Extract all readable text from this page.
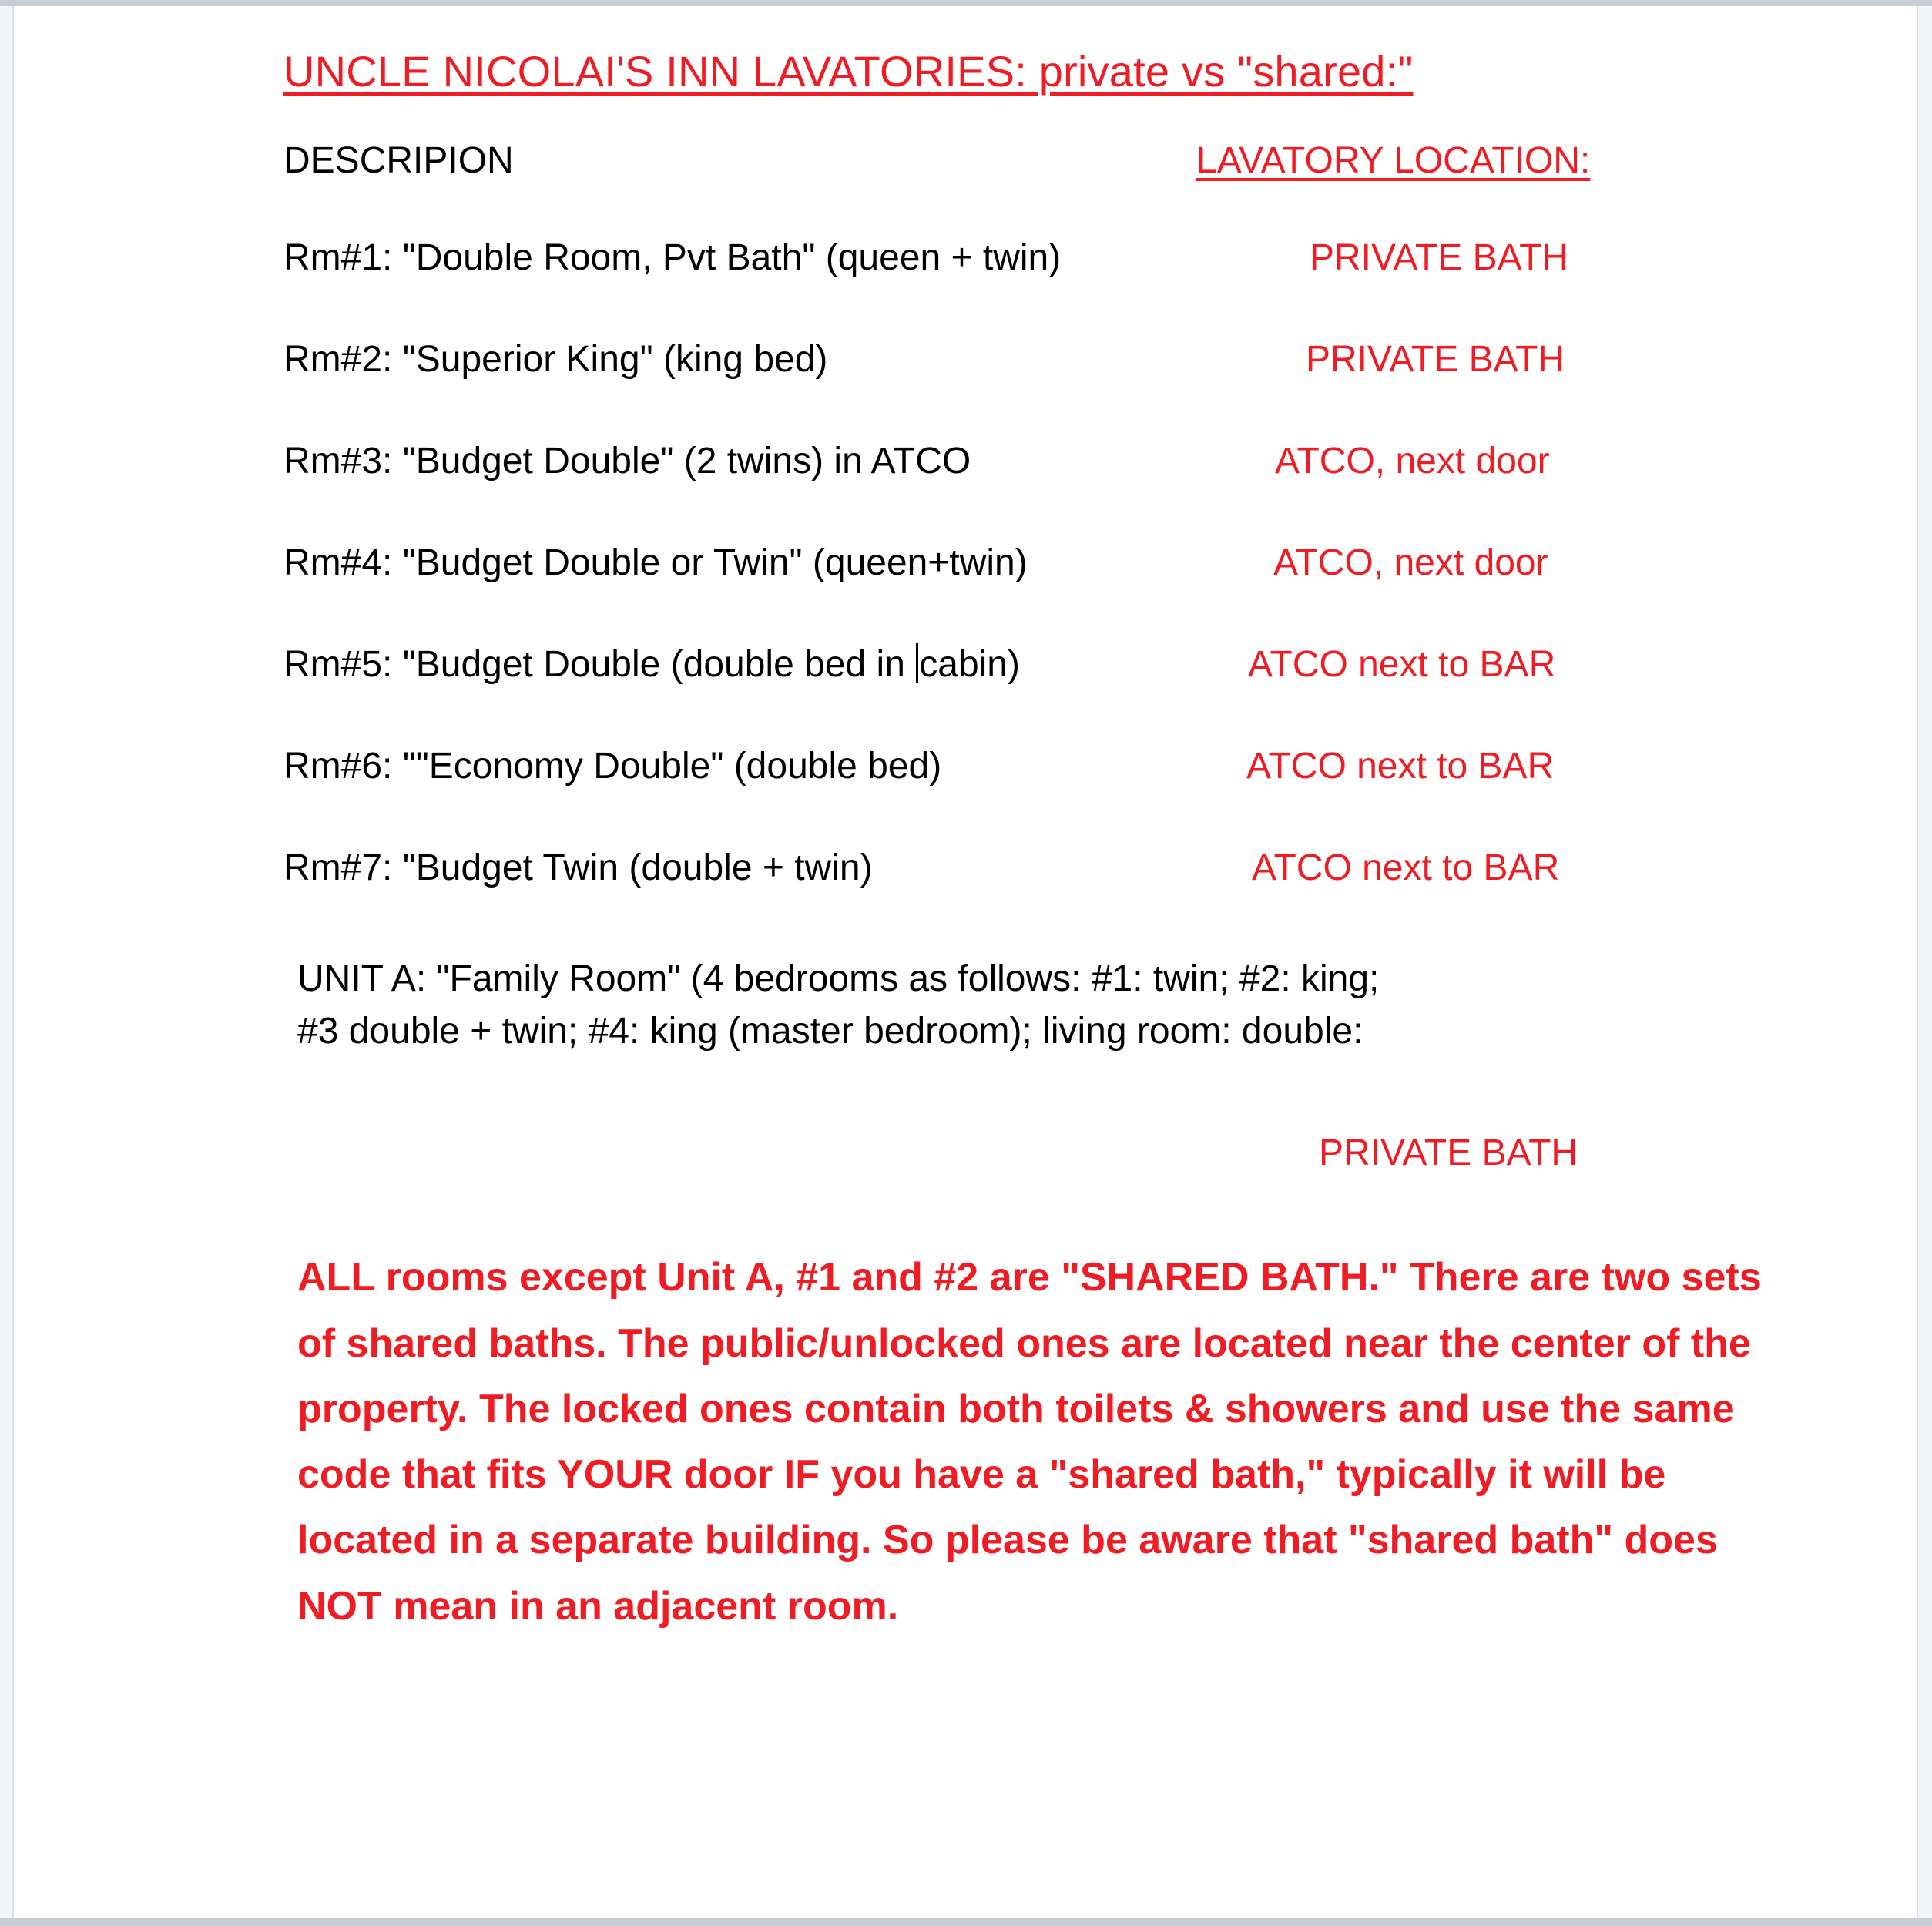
UNCLE NICOLAI'S INN LAVATORIES: private vs "shared:"
DESCRIPION	LAVATORY LOCATION:
Rm#1: "Double Room, Pvt Bath" (queen + twin)	PRIVATE BATH
Rm#2: "Superior King" (king bed)	PRIVATE BATH
Rm#3: "Budget Double" (2 twins) in ATCO	ATCO, next door
Rm#4: "Budget Double or Twin" (queen+twin)	ATCO, next door
Rm#5: "Budget Double (double bed in cabin)	ATCO next to BAR
Rm#6: ""Economy Double" (double bed)	ATCO next to BAR
Rm#7: "Budget Twin (double + twin)	ATCO next to BAR
UNIT A: "Family Room" (4 bedrooms as follows: #1: twin; #2: king;
#3 double + twin; #4: king (master bedroom); living room: double:
PRIVATE BATH
ALL rooms except Unit A, #1 and #2 are "SHARED BATH." There are two sets of shared baths. The public/unlocked ones are located near the center of the property. The locked ones contain both toilets & showers and use the same code that fits YOUR door IF you have a "shared bath," typically it will be located in a separate building. So please be aware that "shared bath" does NOT mean in an adjacent room.
